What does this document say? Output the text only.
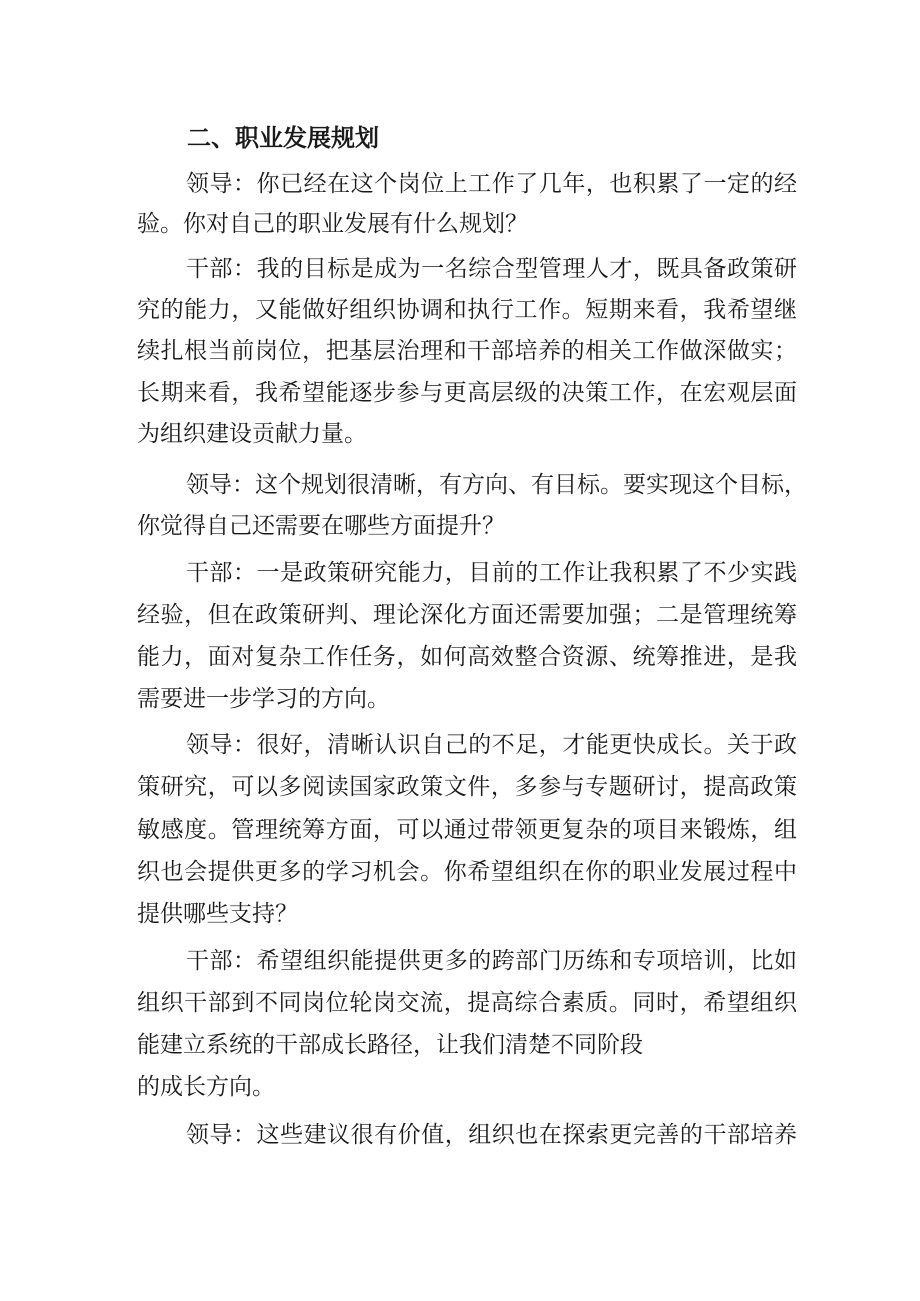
二、职业发展规划
领导：你已经在这个岗位上工作了几年，也积累了一定的经
验。你对自己的职业发展有什么规划？
干部：我的目标是成为一名综合型管理人才，既具备政策研
究的能力，又能做好组织协调和执行工作。短期来看，我希望继
续扎根当前岗位，把基层治理和干部培养的相关工作做深做实；
长期来看，我希望能逐步参与更高层级的决策工作，在宏观层面
为组织建设贡献力量。
领导：这个规划很清晰，有方向、有目标。要实现这个目标，
你觉得自己还需要在哪些方面提升？
干部：一是政策研究能力，目前的工作让我积累了不少实践
经验，但在政策研判、理论深化方面还需要加强；二是管理统筹
能力，面对复杂工作任务，如何高效整合资源、统筹推进，是我
需要进一步学习的方向。
领导：很好，清晰认识自己的不足，才能更快成长。关于政
策研究，可以多阅读国家政策文件，多参与专题研讨，提高政策
敏感度。管理统筹方面，可以通过带领更复杂的项目来锻炼，组
织也会提供更多的学习机会。你希望组织在你的职业发展过程中
提供哪些支持？
干部：希望组织能提供更多的跨部门历练和专项培训，比如
组织干部到不同岗位轮岗交流，提高综合素质。同时，希望组织
能建立系统的干部成长路径，让我们清楚不同阶段
的成长方向。
领导：这些建议很有价值，组织也在探索更完善的干部培养
